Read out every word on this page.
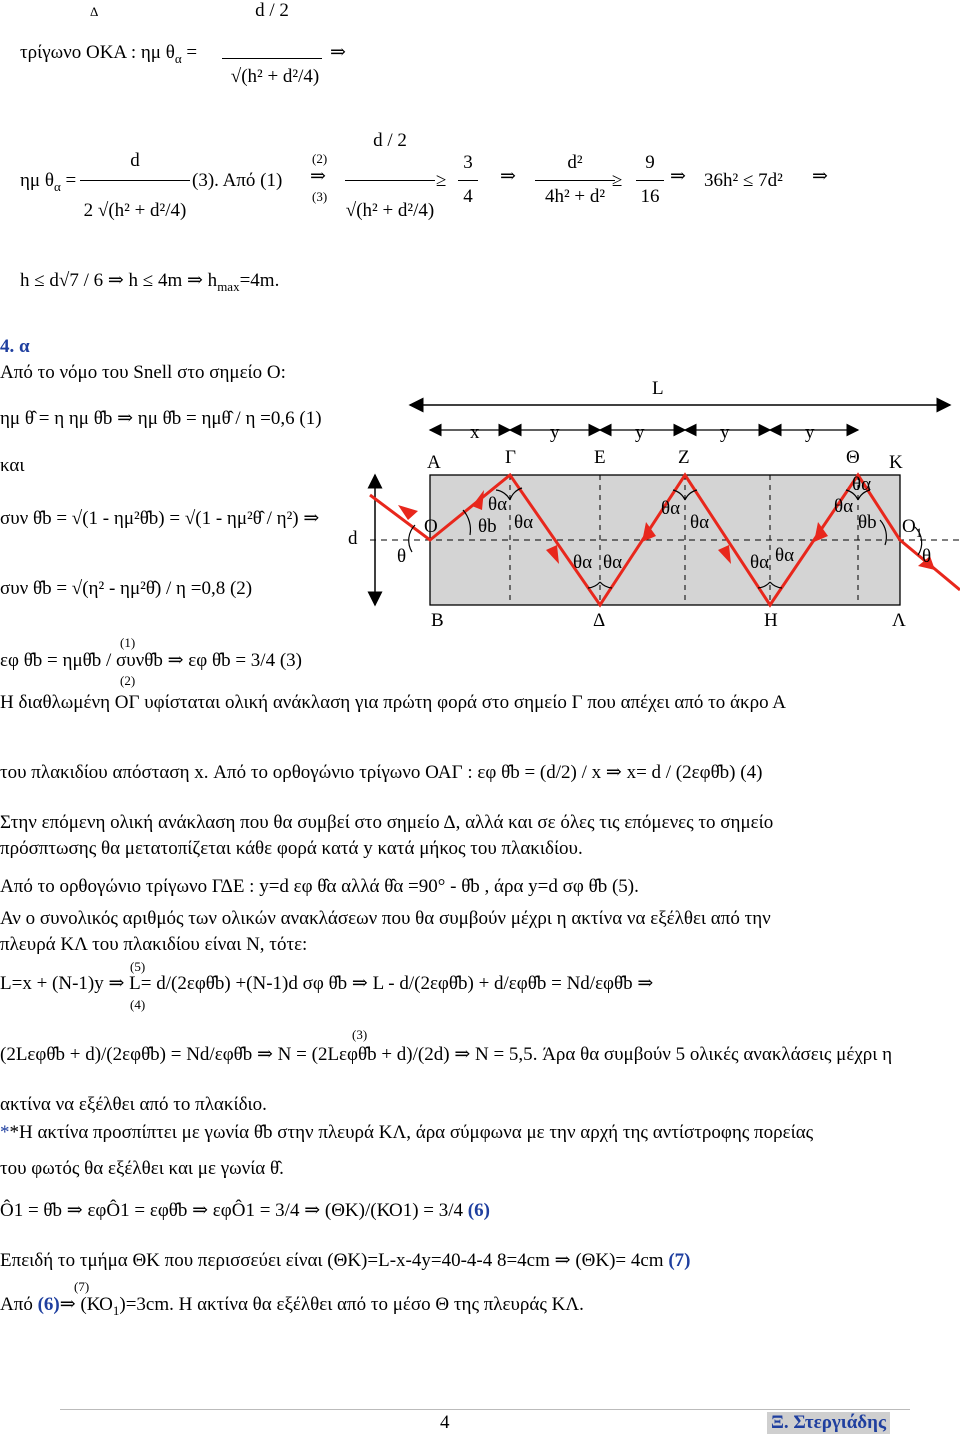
Δ
τρίγωνο ΟΚΑ : ημ $\theta_\alpha$ =
d / 2
√(h² + d²/4)
⇒
ημ $\theta_\alpha$ =
d
2 √(h² + d²/4)
(3). Από (1)
(2)
⇒
(3)
d / 2
√(h² + d²/4)
≥
3
4
⇒
d²
4h² + d²
≥
9
16
⇒ 36h² ≤ 7d² ⇒
h ≤ d√7 / 6 ⇒ h ≤ 4m ⇒ $h_{max}=4m$.
4. α
Από το νόμο του Snell στο σημείο Ο:
ημ θ̂ = η ημ θ̂b ⇒ ημ θ̂b = ημθ̂ / η =0,6 (1)
και
συν θ̂b = √(1 - ημ²θ̂b) = √(1 - ημ²θ̂ / η²) ⇒
συν θ̂b = √(η² - ημ²θ̂) / η =0,8 (2)
(1)
εφ θ̂b = ημθ̂b / συνθ̂b ⇒ εφ θ̂b = 3/4 (3)
(2)
L
x	y	y	y	y
Α	Γ	Ε	Ζ	Θ Κ
Ο	$O_1$
d
θ	θ
Β	Δ	Η	Λ
θb
θα
θα
θα θα
θα
θα
θα θα
θα
θα
θb
Η διαθλωμένη ΟΓ υφίσταται ολική ανάκλαση για πρώτη φορά στο σημείο Γ που απέχει από το άκρο Α
του πλακιδίου απόσταση x. Από το ορθογώνιο τρίγωνο ΟΑΓ : εφ θ̂b = (d/2) / x ⇒ x= d / (2εφθ̂b) (4)
Στην επόμενη ολική ανάκλαση που θα συμβεί στο σημείο Δ, αλλά και σε όλες τις επόμενες το σημείο
πρόσπτωσης θα μετατοπίζεται κάθε φορά κατά y κατά μήκος του πλακιδίου.
Από το ορθογώνιο τρίγωνο ΓΔΕ : y=d εφ θ̂α αλλά θ̂α =90° - θ̂b , άρα y=d σφ θ̂b (5).
Αν ο συνολικός αριθμός των ολικών ανακλάσεων που θα συμβούν μέχρι η ακτίνα να εξέλθει από την
πλευρά ΚΛ του πλακιδίου είναι Ν, τότε:
(5)
L=x + (N-1)y ⇒ L= d/(2εφθ̂b) +(N-1)d σφ θ̂b ⇒ L - d/(2εφθ̂b) + d/εφθ̂b = Nd/εφθ̂b ⇒
(4)
(3)
(2Lεφθ̂b + d)/(2εφθ̂b) = Nd/εφθ̂b ⇒ N = (2Lεφθ̂b + d)/(2d) ⇒ N = 5,5. Άρα θα συμβούν 5 ολικές ανακλάσεις μέχρι η
ακτίνα να εξέλθει από το πλακίδιο.
**Η ακτίνα προσπίπτει με γωνία θ̂b στην πλευρά ΚΛ, άρα σύμφωνα με την αρχή της αντίστροφης πορείας
του φωτός θα εξέλθει και με γωνία θ̂.
Ô1 = θ̂b ⇒ εφÔ1 = εφθ̂b ⇒ εφÔ1 = 3/4 ⇒ (ΘΚ)/(ΚΟ1) = 3/4 (6)
Επειδή το τμήμα ΘΚ που περισσεύει είναι (ΘΚ)=L-x-4y=40-4-4 8=4cm ⇒ (ΘΚ)= 4cm (7)
(7)
Από (6)⇒ $(KO_1)=3cm$. Η ακτίνα θα εξέλθει από το μέσο Θ της πλευράς ΚΛ.
4	Ξ. Στεργιάδης
